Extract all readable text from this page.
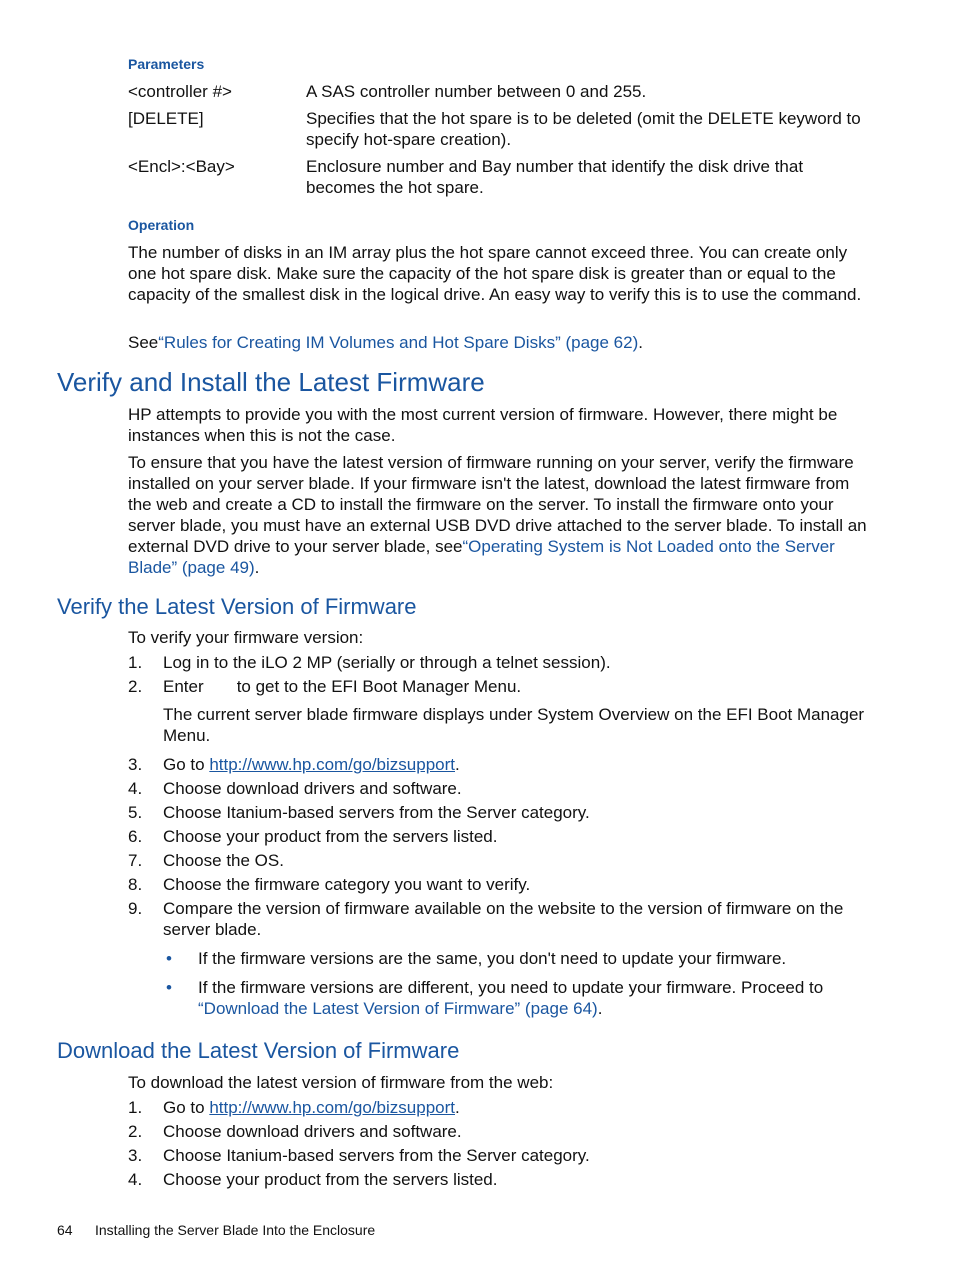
Parameters
<controller #>	A SAS controller number between 0 and 255.
[DELETE]	Specifies that the hot spare is to be deleted (omit the DELETE keyword to specify hot-spare creation).
<Encl>:<Bay>	Enclosure number and Bay number that identify the disk drive that becomes the hot spare.
Operation
The number of disks in an IM array plus the hot spare cannot exceed three. You can create only one hot spare disk. Make sure the capacity of the hot spare disk is greater than or equal to the capacity of the smallest disk in the logical drive. An easy way to verify this is to use the command.
See“Rules for Creating IM Volumes and Hot Spare Disks” (page 62).
Verify and Install the Latest Firmware
HP attempts to provide you with the most current version of firmware. However, there might be instances when this is not the case.
To ensure that you have the latest version of firmware running on your server, verify the firmware installed on your server blade. If your firmware isn't the latest, download the latest firmware from the web and create a CD to install the firmware on the server. To install the firmware onto your server blade, you must have an external USB DVD drive attached to the server blade. To install an external DVD drive to your server blade, see“Operating System is Not Loaded onto the Server Blade” (page 49).
Verify the Latest Version of Firmware
To verify your firmware version:
1.	Log in to the iLO 2 MP (serially or through a telnet session).
2.	Enter       to get to the EFI Boot Manager Menu.
The current server blade firmware displays under System Overview on the EFI Boot Manager Menu.
3.	Go to http://www.hp.com/go/bizsupport.
4.	Choose download drivers and software.
5.	Choose Itanium-based servers from the Server category.
6.	Choose your product from the servers listed.
7.	Choose the OS.
8.	Choose the firmware category you want to verify.
9.	Compare the version of firmware available on the website to the version of firmware on the server blade.
• If the firmware versions are the same, you don't need to update your firmware.
• If the firmware versions are different, you need to update your firmware. Proceed to “Download the Latest Version of Firmware” (page 64).
Download the Latest Version of Firmware
To download the latest version of firmware from the web:
1.	Go to http://www.hp.com/go/bizsupport.
2.	Choose download drivers and software.
3.	Choose Itanium-based servers from the Server category.
4.	Choose your product from the servers listed.
64 Installing the Server Blade Into the Enclosure
